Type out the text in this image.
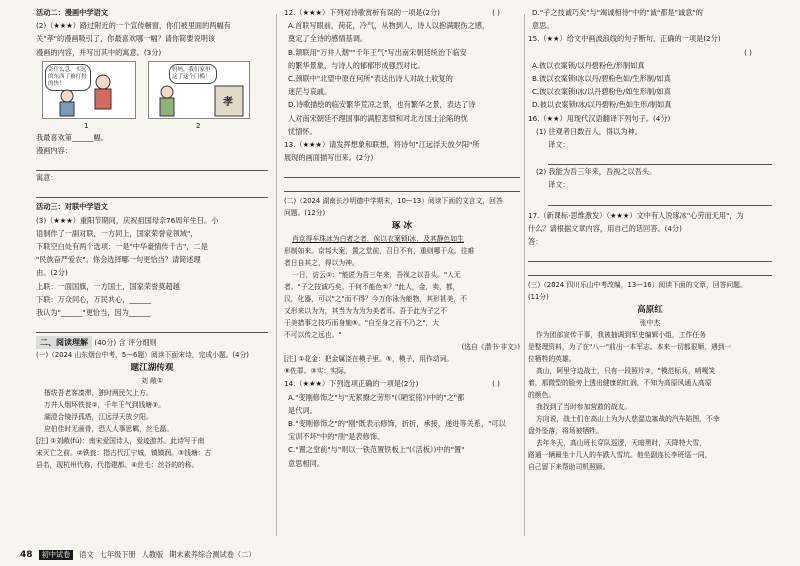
活动二：漫画中学语文

(2)（★★★）路过附近的一个宣传橱窗，你们被里面的两幅有

关"孝"的漫画吸引了，你最喜欢哪一幅？请你简要说明该

漫画的内容，并写出其中的寓意。(3分)

奇什么急，买远的东西了被打扮的快！
妈妈，我们家里这了这个门槛！
孝
1	2

我最喜欢第______幅。

漫画内容：

寓意：

活动三：对联中学语文

(3)（★★★）重阳节期间，庆祝祖国母亲76周年生日。小

语制作了一副对联，一方同上，国家荣誉竞领域"，

下联空白处有两个选项：一是"中华豪情传千古"，二是

"民族奋严爱农"。你会选择哪一句更恰当？请简述理

由。(2分)

上联：一面国旗，一方国土，国家荣誉莫超越

下联：万众同心，万民共心，______

我认为"______"更恰当，因为______

二、阅读理解 (40分) 含 评分细则

(一)（2024 山东烟台中考，5—6题）阅读下面宋诗，完成小题。(4分)

题江湖传观

刘 敞①

搢绂吾老客凑滞，独时两民欠上方。

万井人烟环铁瓮②，千年王气到钱塘③。

湖澄合镜浮孤塔，江远浮天放夕阳。

应伯佳时无画骨，恐人人事思羁，丝毛磊。

[注] ①刘敞(fú)：南宋爱国诗人，爱迹游苏。此诗写于南

宋灭亡之前。②铁瓮：指古代江宁城，镇镇润。③钱塘：古

县名，现杭州代称，代指建都。④丝毛：丝谷的的称。

12.（★★★）下列对诗歌赏析有误的一项是(2分)	( )

A.首联写眼前，荷花，冷气，从物到人，诗人以抱满眠伤之感，

奠定了全诗的感情基调。

B.颔联用"万井人烟""千年王气"写出南宋朝廷统治下临安

的繁华景象，与诗人的郁郁形成强烈对比。

C.颈联中"北望中原在何所"表达出诗人对故土收复的

迷茫与哀戚。

D.诗歌描绘的临安繁华荒凉之景，也有繁华之景，表达了诗

人对南宋朝廷不理国事的满腔悲愤和对北方国土沦陷的忧

忧情怀。

13.（★★★）请发挥想象和联想，将诗句"江远浮天放夕阳"所

展现的画面描写出来。(2分)

(二)（2024 湖南长沙明德中学期末，10—13）阅读下面的文言文，回答

问题。(12分)

琢 冰

肖京得车珠冰为白者之者，俟以衣案锁I冰，及其静色如生

形制如来。京邦大案，置之堂前，召日不有，重则哪于众。往难

者日自其之，得以为神。

一日，访云①："能匠为吾三年来，吾视之以吾头。"人无

者。"子之技诚巧矣。于何不能色⑤？"此人，金，卖，都，

汉，化器，可以"之"而不得？今万你泳为能物，其形甚美，不

又形来以为为，其当为为为为美者耳。吾于此为子之不

于美措事之技巧而身施⑤。"自至身之而不乃之"，大

不可以传之远也。"

(选自《潜书·非文》)

[注] ①花金：把金属浇在模子里。⑤，模子，用作动词。

⑧佐罪。③实：实际。

14.（★★★）下列选项正确的一项是(2分)	( )

A."变刚修饰之"与"无萦撩之劳形"(《陋室铭》)中的"之"都

是代词。

B."变刚修饰之"的"刚"既表示修饰，折折，承接，递进等关系，"可以

宝训不坏"中的"刖"是表修饰。

C."置之堂前"与"则以一铁范置铁板上"(《活板》)中的"置"

意思相同。

D."子之技诚巧矣"与"竭诚相待"中的"诚"都是"诚意"的

意思。

15.（★★）给文中画波浪线的句子断句，正确的一项是(2分)

( )

A.彼以衣案锁/以丹碧粉色/形制如真

B.彼以衣案锁I冰以丹/碧粉色如/生形制/如真

C.彼以衣案锁I冰/以丹碧粉色/如生形制/如真

D.彼以衣案锁I冰/以丹碧粉/色如生形/制如真

16.（★★）用现代汉语翻译下列句子。(4分)

(1) 往观者日数百人，得以为神。

译文：

(2) 我能为吾三年来，吾视之以吾头。

译文：

17.（新课标·思维激发）（★★★）文中有人说琢冰"心劳而无用"，为

什么？请根据文章内容，用自己的话回答。(4分)

答：

(三)（2024 四川乐山中考改编，13—16）阅读下面的文章，回答问题。

(11分)

高原红

张中杰

作为团部宣传干事，我被抽调到军史编辑小组，工作任务

是整理资料，为了在"八一"前出一本军志。本来一切都很顺，遇到一

位牺牲的英雄。

高山，阿里守边战士，只有一段照片②，"模范标兵，哨嘎笑

着，那微型的脸旁上透出健康的红润，不知为高原风通人高原

的颜色。

我找到了当时参加营救的战友。

方向说，战士们在高山上为为人慈湿边塞战的汽车陷图，不幸

盘外坠落，将场被牺牲。

去年冬天，高山班长穿队巡逻，天暗黑时，天降特大雪，

路通一辆最坐十几人的车跌入雪坑。他坐副连长李班巡一同，

自己留下来帮助司机照顾。

48	初中试卷	语文 七年级下册 人教版 期末素养综合测试卷（二）
